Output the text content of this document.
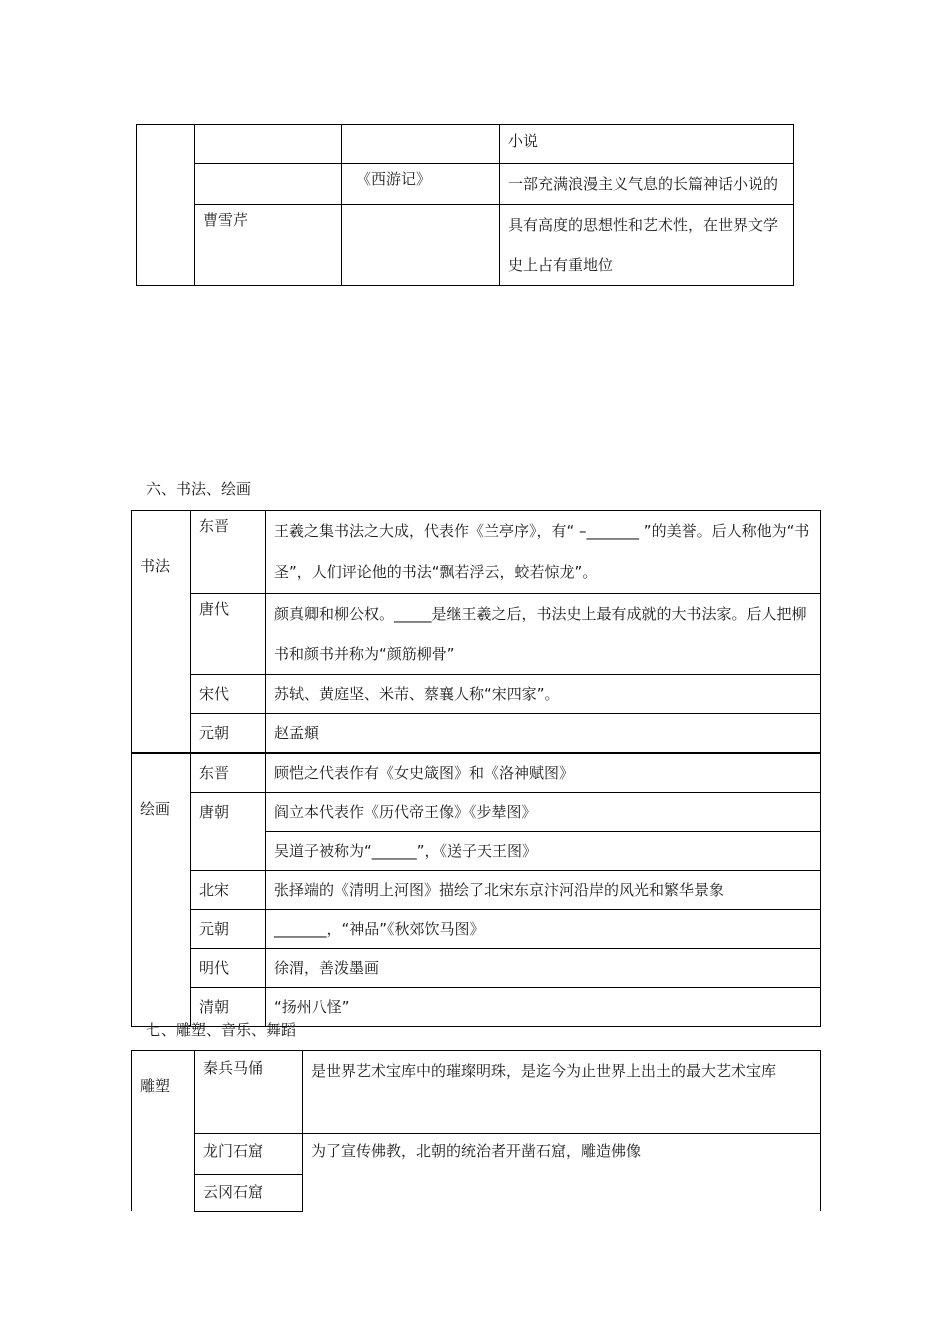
			小说
		《西游记》	一部充满浪漫主义气息的长篇神话小说的
	曹雪芹		具有高度的思想性和艺术性，在世界文学史上占有重地位
六、书法、绘画
书法	东晋	王羲之集书法之大成，代表作《兰亭序》，有“ –_______ ”的美誉。后人称他为“书圣”，人们评论他的书法“飘若浮云，蛟若惊龙”。
	唐代	颜真卿和柳公权。_____是继王羲之后，书法史上最有成就的大书法家。后人把柳书和颜书并称为“颜筋柳骨”
	宋代	苏轼、黄庭坚、米芾、蔡襄人称“宋四家”。
	元朝	赵孟頫
绘画	东晋	顾恺之代表作有《女史箴图》和《洛神赋图》
	唐朝	阎立本代表作《历代帝王像》《步辇图》
		吴道子被称为“______”，《送子天王图》
	北宋	张择端的《清明上河图》描绘了北宋东京汴河沿岸的风光和繁华景象
	元朝	_______，“神品”《秋郊饮马图》
	明代	徐渭，善泼墨画
	清朝	“扬州八怪”
七、雕塑、音乐、舞蹈
雕塑	秦兵马俑	是世界艺术宝库中的璀璨明珠，是迄今为止世界上出土的最大艺术宝库
	龙门石窟	为了宣传佛教，北朝的统治者开凿石窟，雕造佛像
	云冈石窟	
